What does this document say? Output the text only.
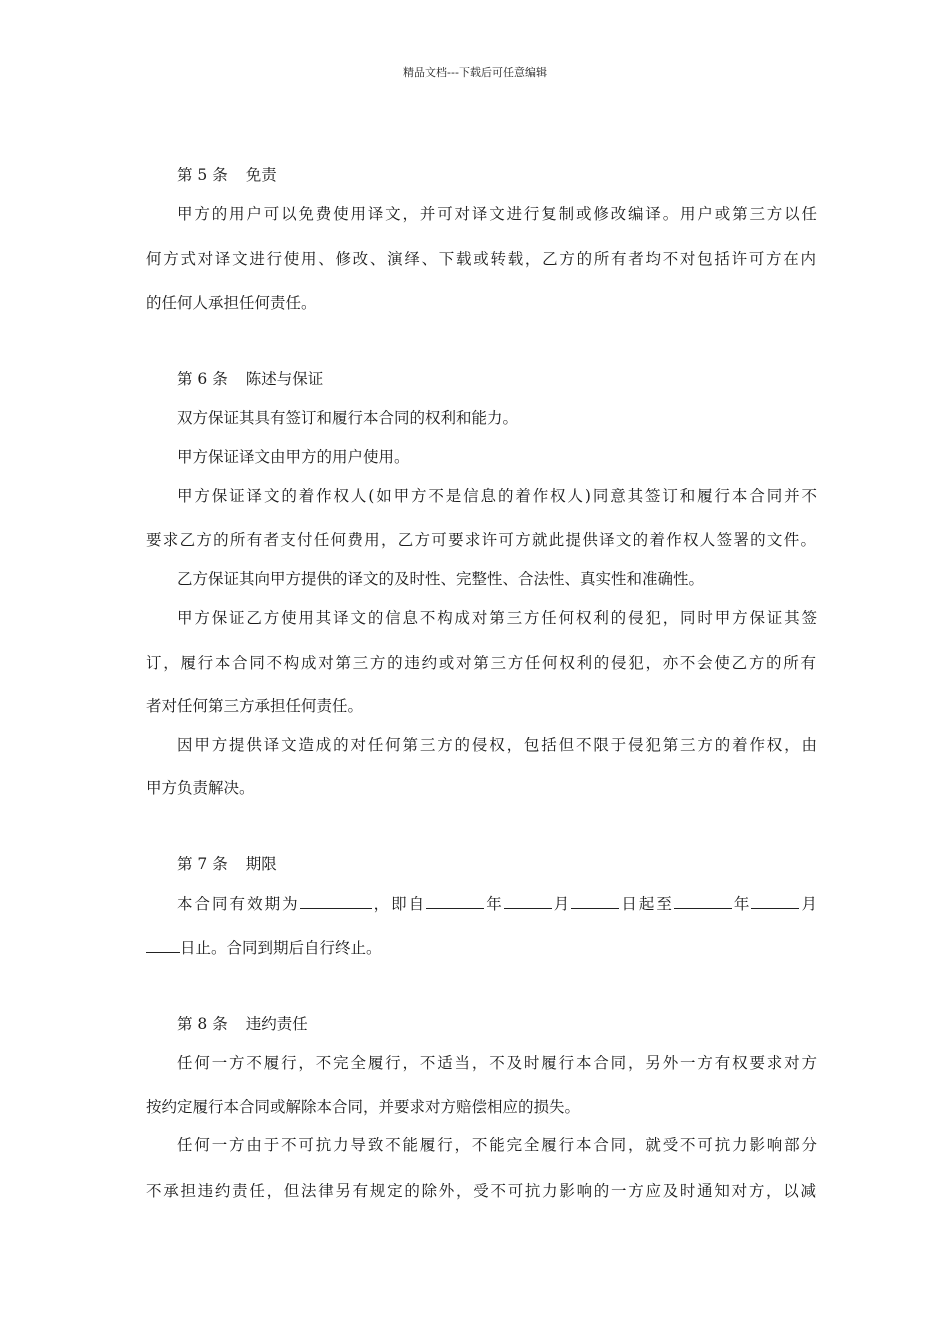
精品文档---下载后可任意编辑
第 5 条 免责
甲方的用户可以免费使用译文，并可对译文进行复制或修改编译。用户或第三方以任
何方式对译文进行使用、修改、演绎、下载或转载，乙方的所有者均不对包括许可方在内
的任何人承担任何责任。
第 6 条 陈述与保证
双方保证其具有签订和履行本合同的权利和能力。
甲方保证译文由甲方的用户使用。
甲方保证译文的着作权人(如甲方不是信息的着作权人)同意其签订和履行本合同并不
要求乙方的所有者支付任何费用，乙方可要求许可方就此提供译文的着作权人签署的文件。
乙方保证其向甲方提供的译文的及时性、完整性、合法性、真实性和准确性。
甲方保证乙方使用其译文的信息不构成对第三方任何权利的侵犯，同时甲方保证其签
订，履行本合同不构成对第三方的违约或对第三方任何权利的侵犯，亦不会使乙方的所有
者对任何第三方承担任何责任。
因甲方提供译文造成的对任何第三方的侵权，包括但不限于侵犯第三方的着作权，由
甲方负责解决。
第 7 条 期限
本合同有效期为	，即自	年	月	日起至	年	月
日止。合同到期后自行终止。
第 8 条 违约责任
任何一方不履行，不完全履行，不适当，不及时履行本合同，另外一方有权要求对方
按约定履行本合同或解除本合同，并要求对方赔偿相应的损失。
任何一方由于不可抗力导致不能履行，不能完全履行本合同，就受不可抗力影响部分
不承担违约责任，但法律另有规定的除外，受不可抗力影响的一方应及时通知对方，以减
